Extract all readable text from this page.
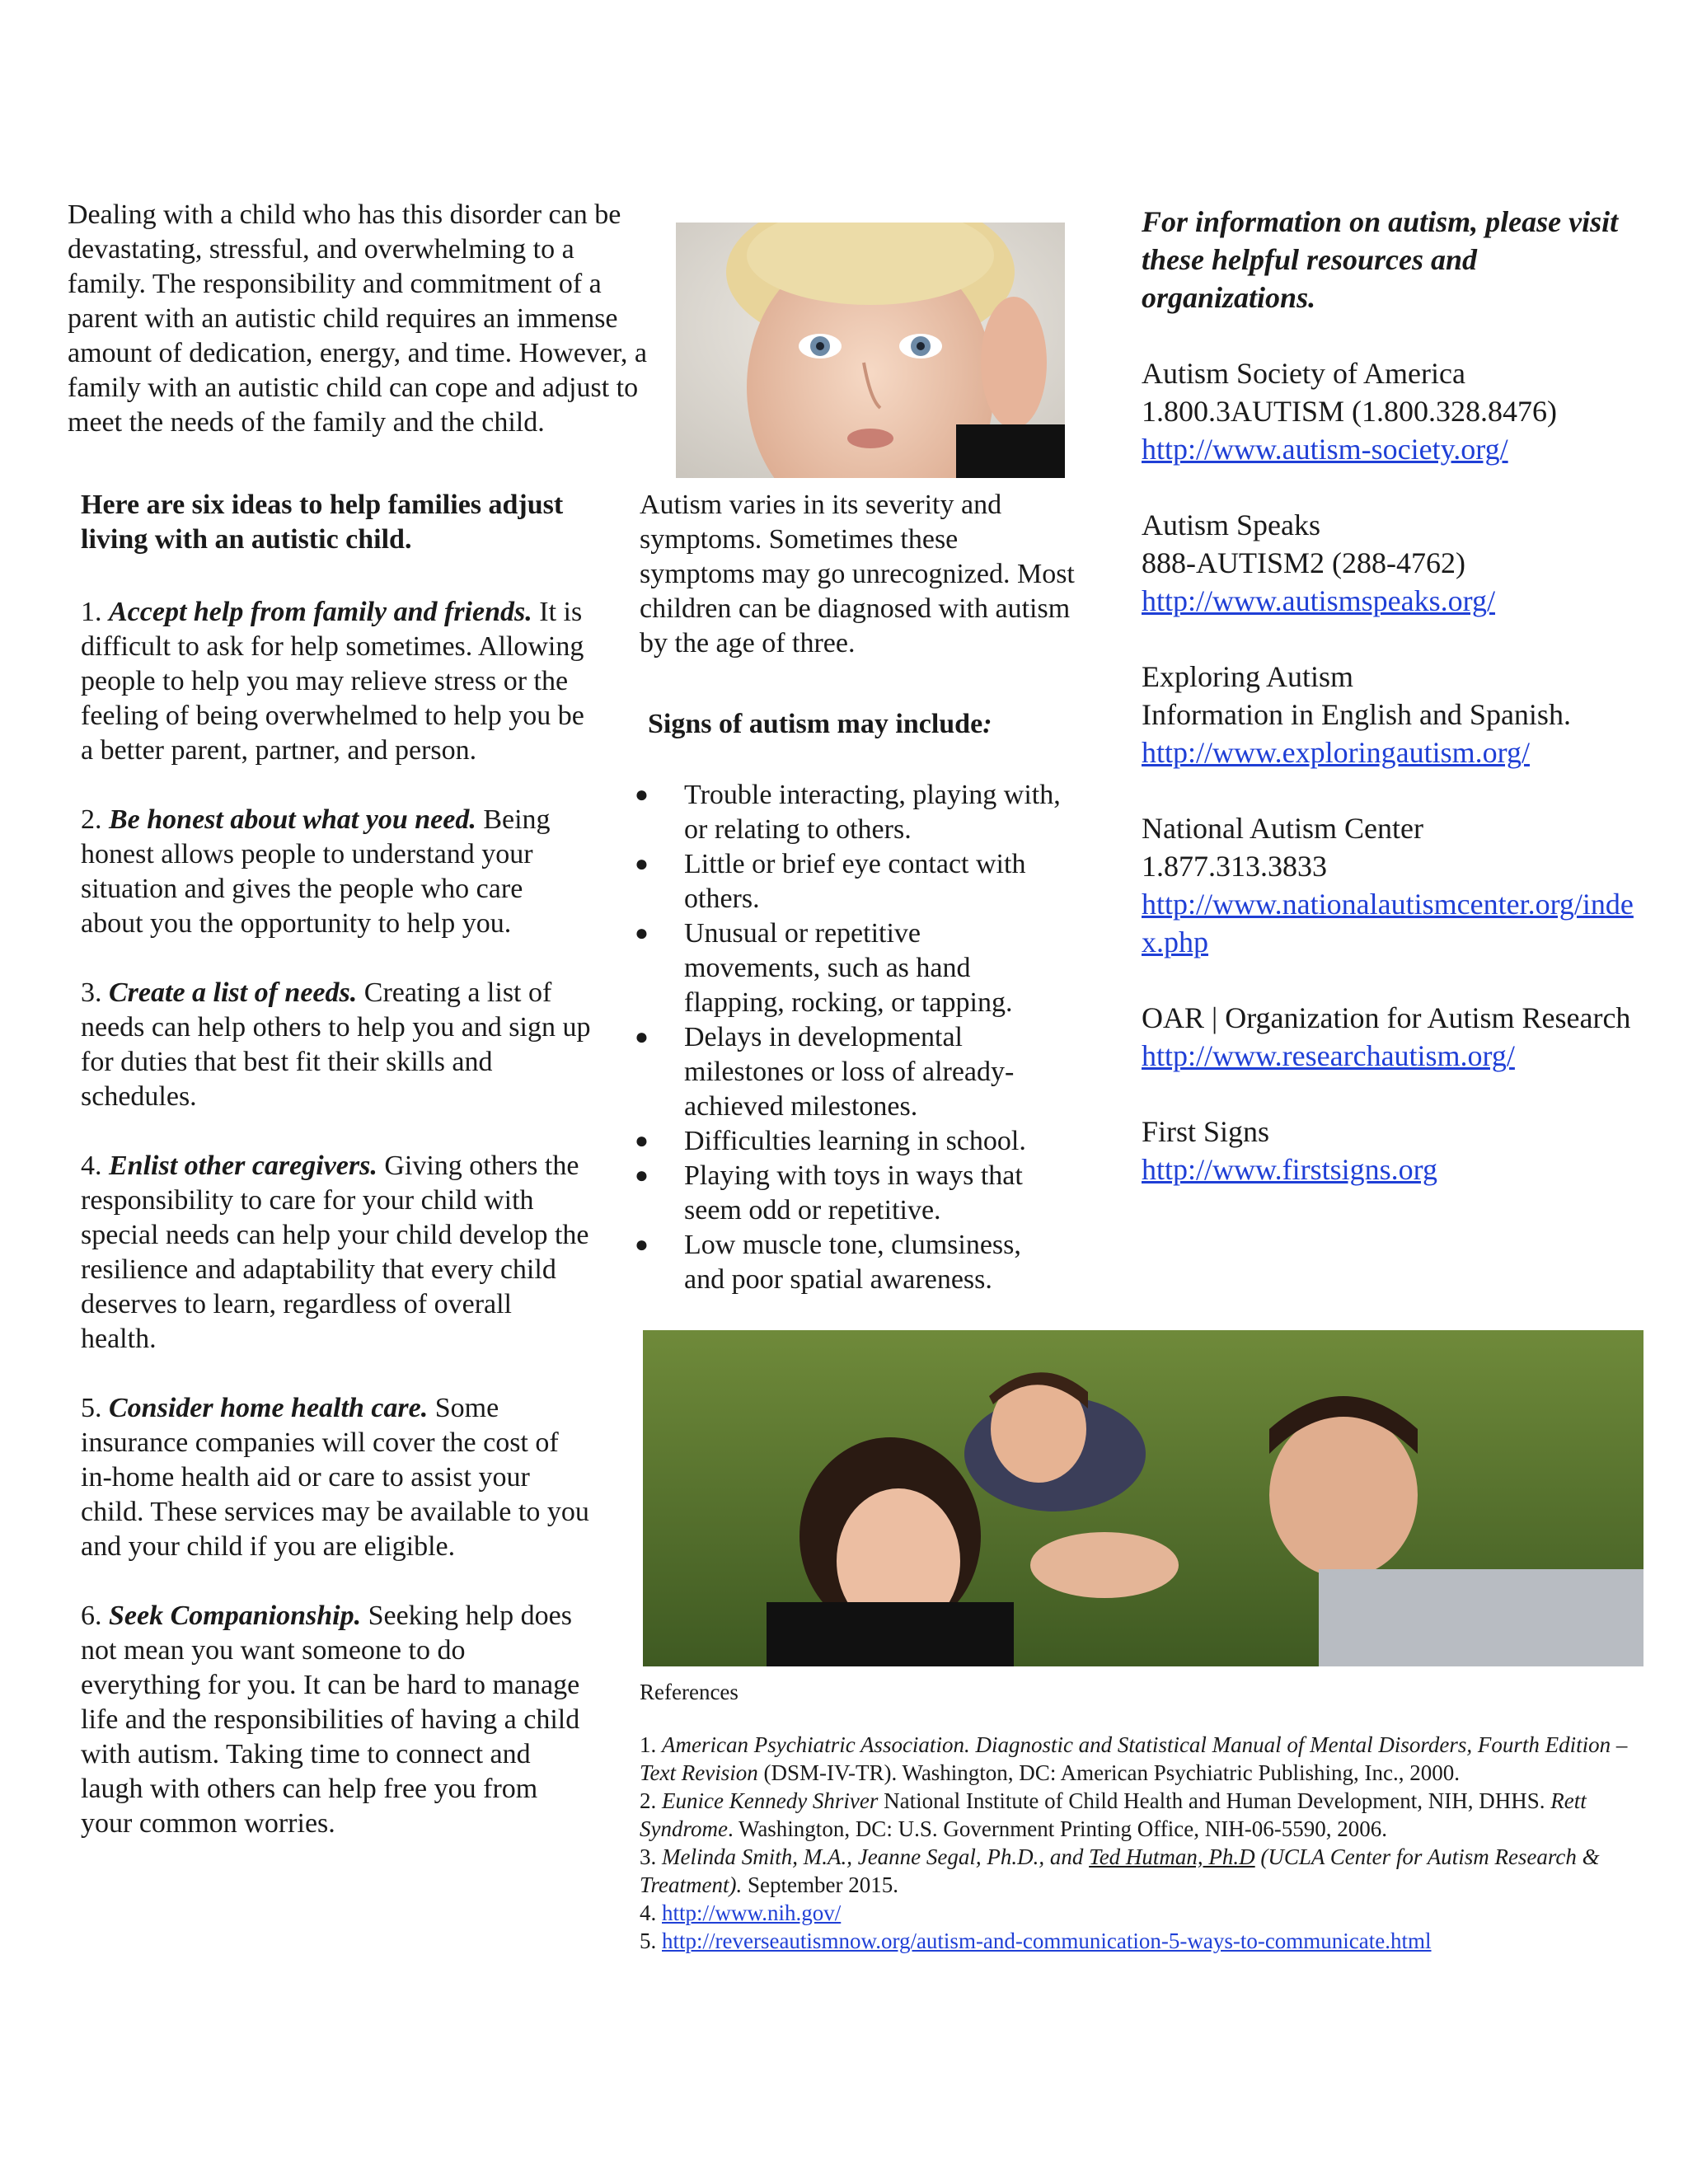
Dealing with a child who has this disorder can be devastating, stressful, and overwhelming to a family. The responsibility and commitment of a parent with an autistic child requires an immense amount of dedication, energy, and time. However, a family with an autistic child can cope and adjust to meet the needs of the family and the child.
Here are six ideas to help families adjust living with an autistic child.

1. Accept help from family and friends. It is difficult to ask for help sometimes. Allowing people to help you may relieve stress or the feeling of being overwhelmed to help you be a better parent, partner, and person.

2. Be honest about what you need. Being honest allows people to understand your situation and gives the people who care about you the opportunity to help you.

3. Create a list of needs. Creating a list of needs can help others to help you and sign up for duties that best fit their skills and schedules.

4. Enlist other caregivers. Giving others the responsibility to care for your child with special needs can help your child develop the resilience and adaptability that every child deserves to learn, regardless of overall health.

5. Consider home health care. Some insurance companies will cover the cost of in-home health aid or care to assist your child. These services may be available to you and your child if you are eligible.

6. Seek Companionship. Seeking help does not mean you want someone to do everything for you. It can be hard to manage life and the responsibilities of having a child with autism. Taking time to connect and laugh with others can help free you from your common worries.

Autism varies in its severity and symptoms. Sometimes these symptoms may go unrecognized. Most children can be diagnosed with autism by the age of three.
Signs of autism may include:
●	Trouble interacting, playing with, or relating to others.
●	Little or brief eye contact with others.
●	Unusual or repetitive movements, such as hand flapping, rocking, or tapping.
●	Delays in developmental milestones or loss of already-achieved milestones.
●	Difficulties learning in school.
●	Playing with toys in ways that seem odd or repetitive.
●	Low muscle tone, clumsiness, and poor spatial awareness.
For information on autism, please visit these helpful resources and organizations.
Autism Society of America
1.800.3AUTISM (1.800.328.8476)
http://www.autism-society.org/
Autism Speaks
888-AUTISM2 (288-4762)
http://www.autismspeaks.org/
Exploring Autism
Information in English and Spanish.
http://www.exploringautism.org/
National Autism Center
1.877.313.3833
http://www.nationalautismcenter.org/index.php
OAR | Organization for Autism Research
http://www.researchautism.org/
First Signs
http://www.firstsigns.org
References

1. American Psychiatric Association. Diagnostic and Statistical Manual of Mental Disorders, Fourth Edition – Text Revision (DSM-IV-TR). Washington, DC: American Psychiatric Publishing, Inc., 2000.

2. Eunice Kennedy Shriver National Institute of Child Health and Human Development, NIH, DHHS. Rett Syndrome. Washington, DC: U.S. Government Printing Office, NIH-06-5590, 2006.

3. Melinda Smith, M.A., Jeanne Segal, Ph.D., and Ted Hutman, Ph.D (UCLA Center for Autism Research & Treatment). September 2015.

4. http://www.nih.gov/

5. http://reverseautismnow.org/autism-and-communication-5-ways-to-communicate.html
